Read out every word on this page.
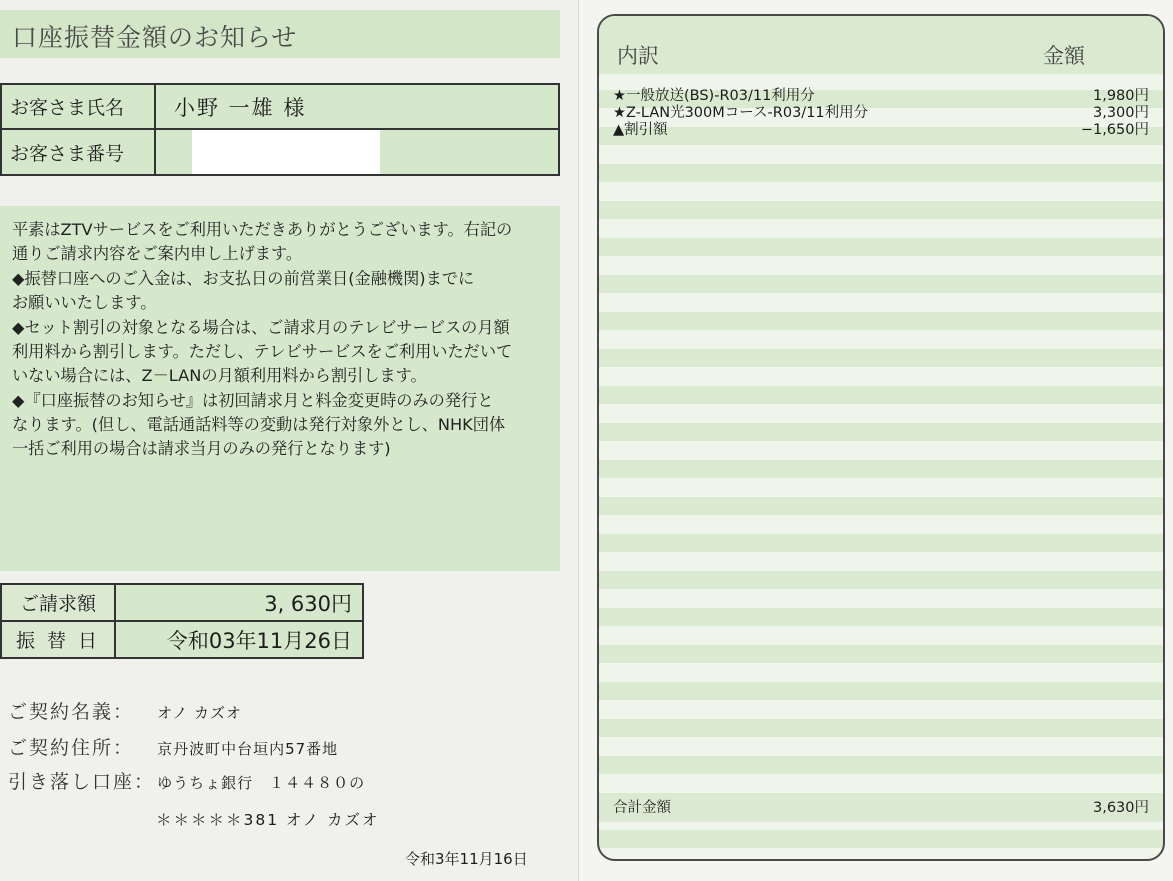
口座振替金額のお知らせ
お客さま氏名	小野 一雄 様
お客さま番号	

平素はZTVサービスをご利用いただきありがとうございます。右記の

通りご請求内容をご案内申し上げます。

◆振替口座へのご入金は、お支払日の前営業日(金融機関)までに

お願いいたします。

◆セット割引の対象となる場合は、ご請求月のテレビサービスの月額

利用料から割引します。ただし、テレビサービスをご利用いただいて

いない場合には、Z－LANの月額利用料から割引します。

◆『口座振替のお知らせ』は初回請求月と料金変更時のみの発行と

なります。(但し、電話通話料等の変動は発行対象外とし、NHK団体

一括ご利用の場合は請求当月のみの発行となります)

ご請求額	3, 630円
振 替 日	令和03年11月26日
ご契約名義： オノ カズオ
ご契約住所： 京丹波町中台垣内57番地
引き落し口座： ゆうちょ銀行　１４４８０の
＊＊＊＊＊381 オノ カズオ
令和3年11月16日
内訳	金額
★一般放送(BS)-R03/11利用分	1,980円
★Z-LAN光300Mコース-R03/11利用分	3,300円
▲割引額	−1,650円
合計金額	3,630円
